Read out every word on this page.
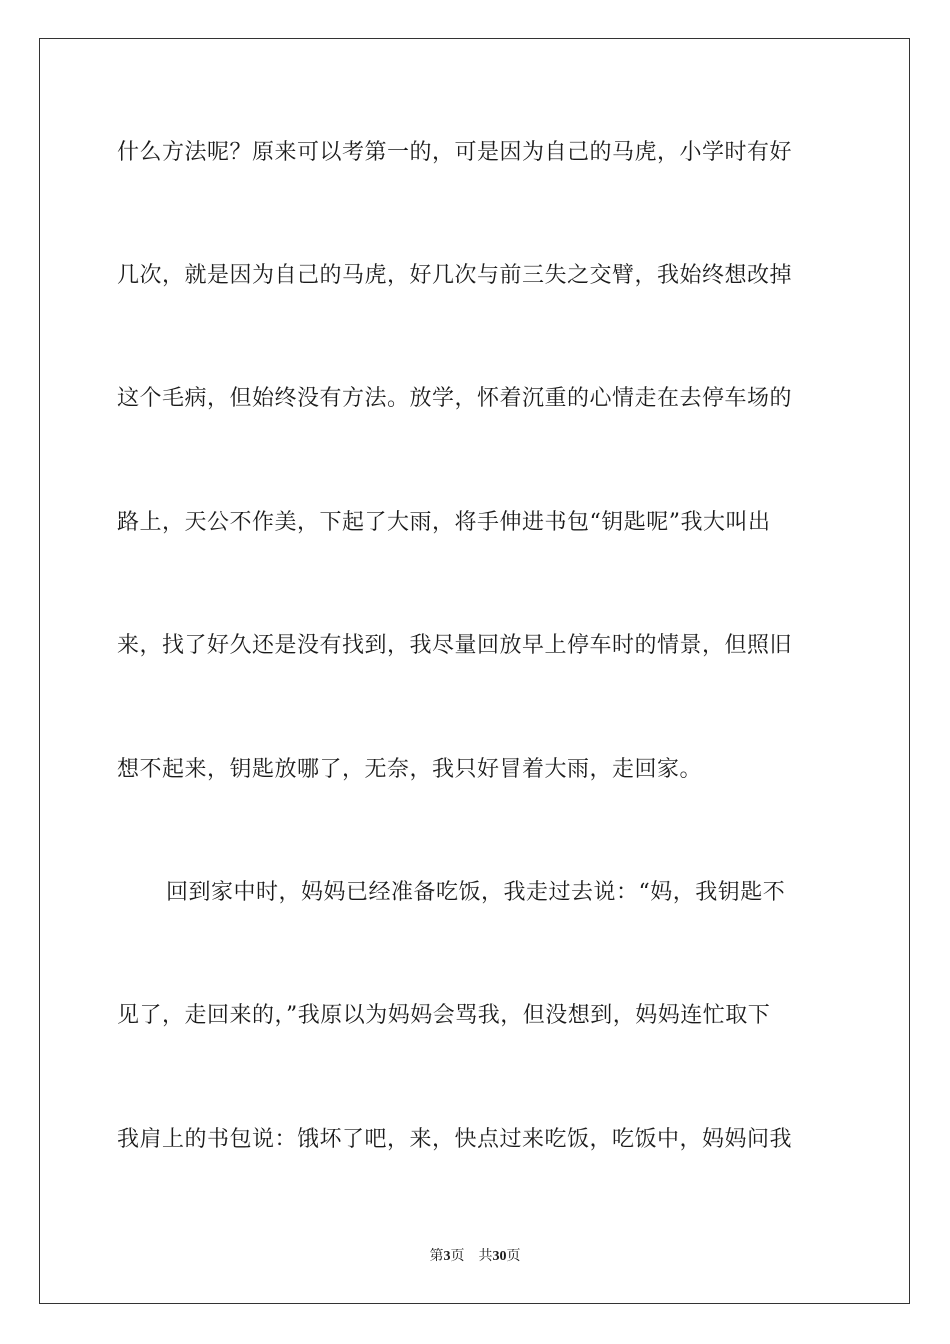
什么方法呢？原来可以考第一的，可是因为自己的马虎，小学时有好
几次，就是因为自己的马虎，好几次与前三失之交臂，我始终想改掉
这个毛病，但始终没有方法。放学，怀着沉重的心情走在去停车场的
路上，天公不作美，下起了大雨，将手伸进书包“钥匙呢”我大叫出
来，找了好久还是没有找到，我尽量回放早上停车时的情景，但照旧
想不起来，钥匙放哪了，无奈，我只好冒着大雨，走回家。
回到家中时，妈妈已经准备吃饭，我走过去说：“妈，我钥匙不
见了，走回来的，”我原以为妈妈会骂我，但没想到，妈妈连忙取下
我肩上的书包说：饿坏了吧，来，快点过来吃饭，吃饭中，妈妈问我
第3页 共30页
